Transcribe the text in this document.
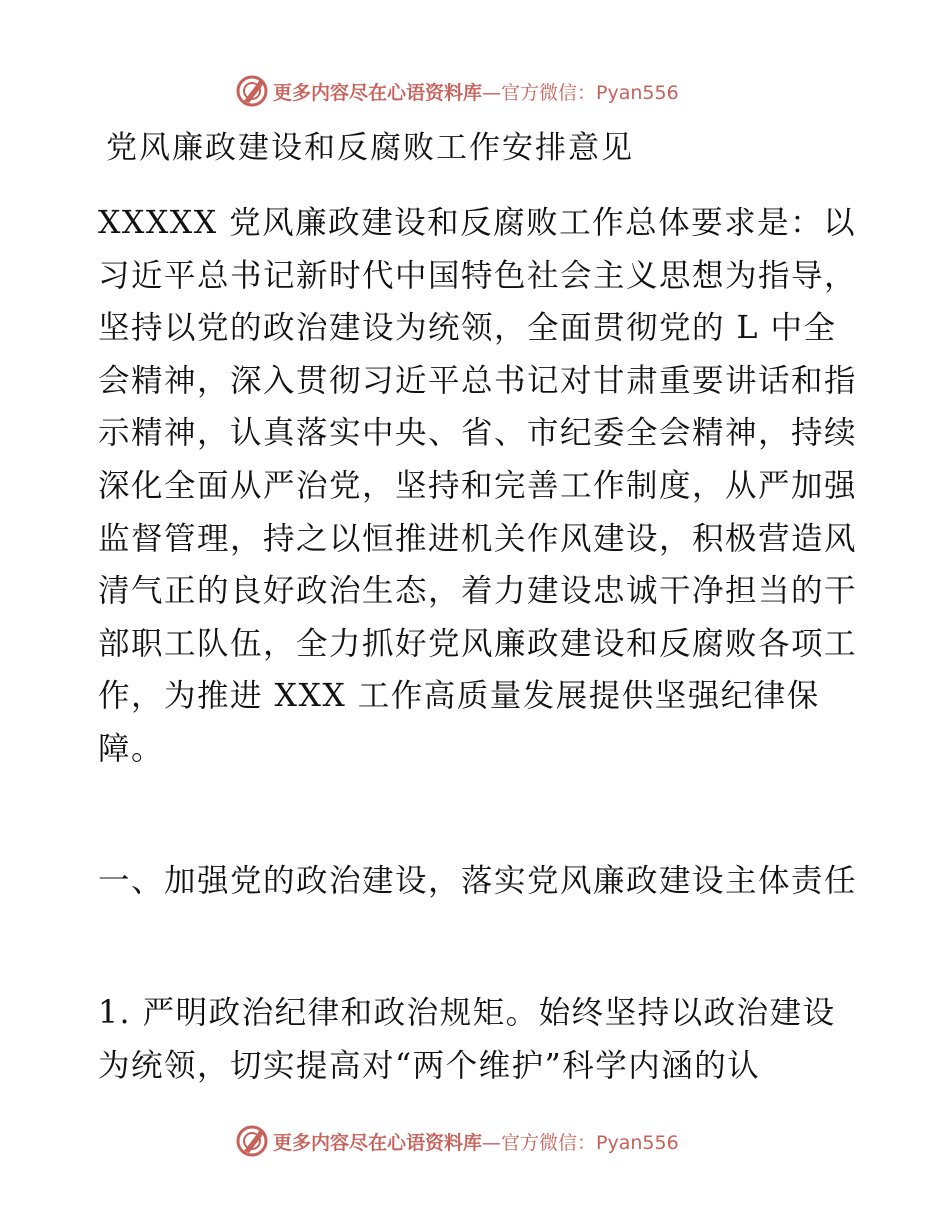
更多内容尽在心语资料库 —官方微信：Pyan556
党风廉政建设和反腐败工作安排意见
XXXXX 党风廉政建设和反腐败工作总体要求是：以习近平总书记新时代中国特色社会主义思想为指导，坚持以党的政治建设为统领，全面贯彻党的 L 中全会精神，深入贯彻习近平总书记对甘肃重要讲话和指示精神，认真落实中央、省、市纪委全会精神，持续深化全面从严治党，坚持和完善工作制度，从严加强监督管理，持之以恒推进机关作风建设，积极营造风清气正的良好政治生态，着力建设忠诚干净担当的干部职工队伍，全力抓好党风廉政建设和反腐败各项工作，为推进 XXX 工作高质量发展提供坚强纪律保障。
一、加强党的政治建设，落实党风廉政建设主体责任
1. 严明政治纪律和政治规矩。始终坚持以政治建设为统领，切实提高对“两个维护”科学内涵的认
更多内容尽在心语资料库 —官方微信：Pyan556
